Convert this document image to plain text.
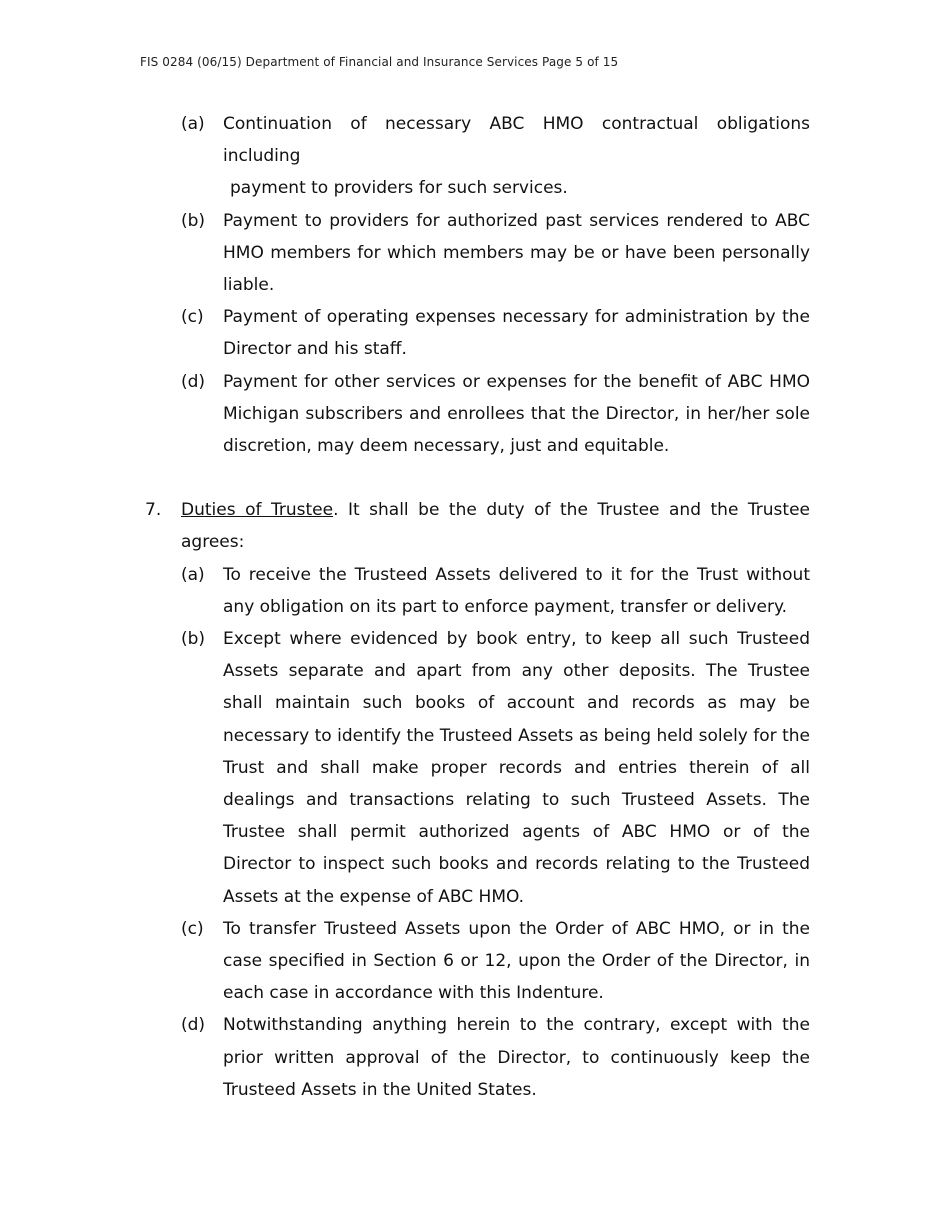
FIS 0284 (06/15) Department of Financial and Insurance Services Page 5 of 15
(a)	Continuation of necessary ABC HMO contractual obligations including
payment to providers for such services.
(b)	Payment to providers for authorized past services rendered to ABC HMO members for which members may be or have been personally liable.
(c)	Payment of operating expenses necessary for administration by the Director and his staff.
(d)	Payment for other services or expenses for the benefit of ABC HMO Michigan subscribers and enrollees that the Director, in her/her sole discretion, may deem necessary, just and equitable.
7.	Duties of Trustee. It shall be the duty of the Trustee and the Trustee agrees:
(a)	To receive the Trusteed Assets delivered to it for the Trust without any obligation on its part to enforce payment, transfer or delivery.
(b)	Except where evidenced by book entry, to keep all such Trusteed Assets separate and apart from any other deposits. The Trustee shall maintain such books of account and records as may be necessary to identify the Trusteed Assets as being held solely for the Trust and shall make proper records and entries therein of all dealings and transactions relating to such Trusteed Assets. The Trustee shall permit authorized agents of ABC HMO or of the Director to inspect such books and records relating to the Trusteed Assets at the expense of ABC HMO.
(c)	To transfer Trusteed Assets upon the Order of ABC HMO, or in the case specified in Section 6 or 12, upon the Order of the Director, in each case in accordance with this Indenture.
(d)	Notwithstanding anything herein to the contrary, except with the prior written approval of the Director, to continuously keep the Trusteed Assets in the United States.
